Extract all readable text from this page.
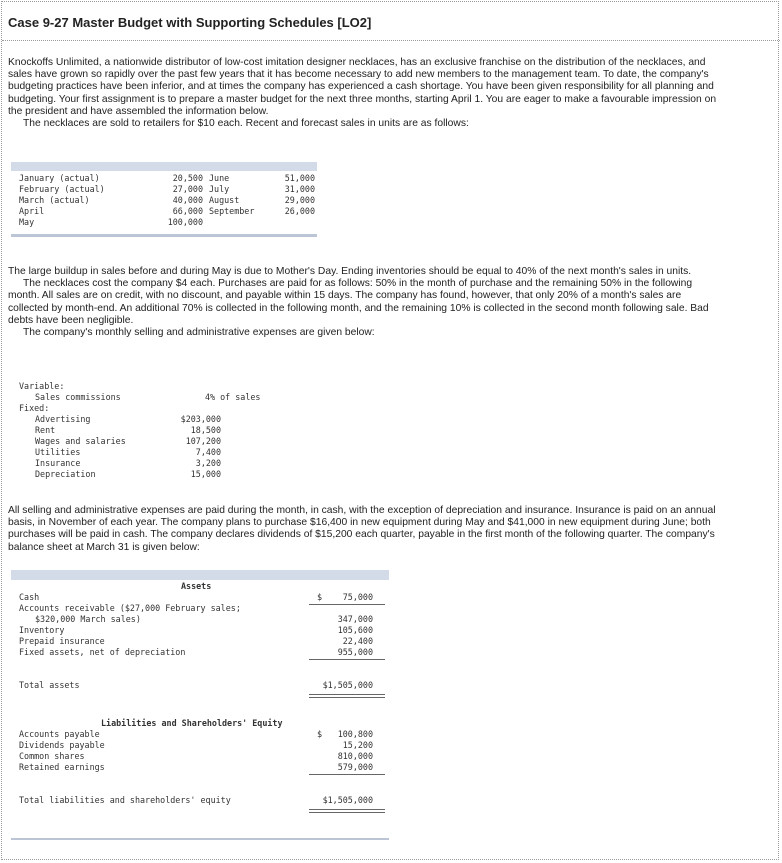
Case 9-27 Master Budget with Supporting Schedules [LO2]

Knockoffs Unlimited, a nationwide distributor of low-cost imitation designer necklaces, has an exclusive franchise on the distribution of the necklaces, and sales have grown so rapidly over the past few years that it has become necessary to add new members to the management team. To date, the company's budgeting practices have been inferior, and at times the company has experienced a cash shortage. You have been given responsibility for all planning and budgeting. Your first assignment is to prepare a master budget for the next three months, starting April 1. You are eager to make a favourable impression on the president and have assembled the information below.
The necklaces are sold to retailers for $10 each. Recent and forecast sales in units are as follows:

January (actual)	20,500 June	51,000
February (actual)	27,000 July	31,000
March (actual)	40,000 August	29,000
April	66,000 September	26,000
May	100,000

The large buildup in sales before and during May is due to Mother's Day. Ending inventories should be equal to 40% of the next month's sales in units.
The necklaces cost the company $4 each. Purchases are paid for as follows: 50% in the month of purchase and the remaining 50% in the following month. All sales are on credit, with no discount, and payable within 15 days. The company has found, however, that only 20% of a month's sales are collected by month-end. An additional 70% is collected in the following month, and the remaining 10% is collected in the second month following sale. Bad debts have been negligible.
The company's monthly selling and administrative expenses are given below:

Variable:
Sales commissions	4% of sales
Fixed:
Advertising	$203,000
Rent	18,500
Wages and salaries	107,200
Utilities	7,400
Insurance	3,200
Depreciation	15,000

All selling and administrative expenses are paid during the month, in cash, with the exception of depreciation and insurance. Insurance is paid on an annual basis, in November of each year. The company plans to purchase $16,400 in new equipment during May and $41,000 in new equipment during June; both purchases will be paid in cash. The company declares dividends of $15,200 each quarter, payable in the first month of the following quarter. The company's balance sheet at March 31 is given below:

Assets
Cash	$	75,000
Accounts receivable ($27,000 February sales;
$320,000 March sales)	347,000
Inventory	105,600
Prepaid insurance	22,400
Fixed assets, net of depreciation	955,000
Total assets	$1,505,000
Liabilities and Shareholders' Equity
Accounts payable	$	100,800
Dividends payable	15,200
Common shares	810,000
Retained earnings	579,000
Total liabilities and shareholders' equity	$1,505,000
